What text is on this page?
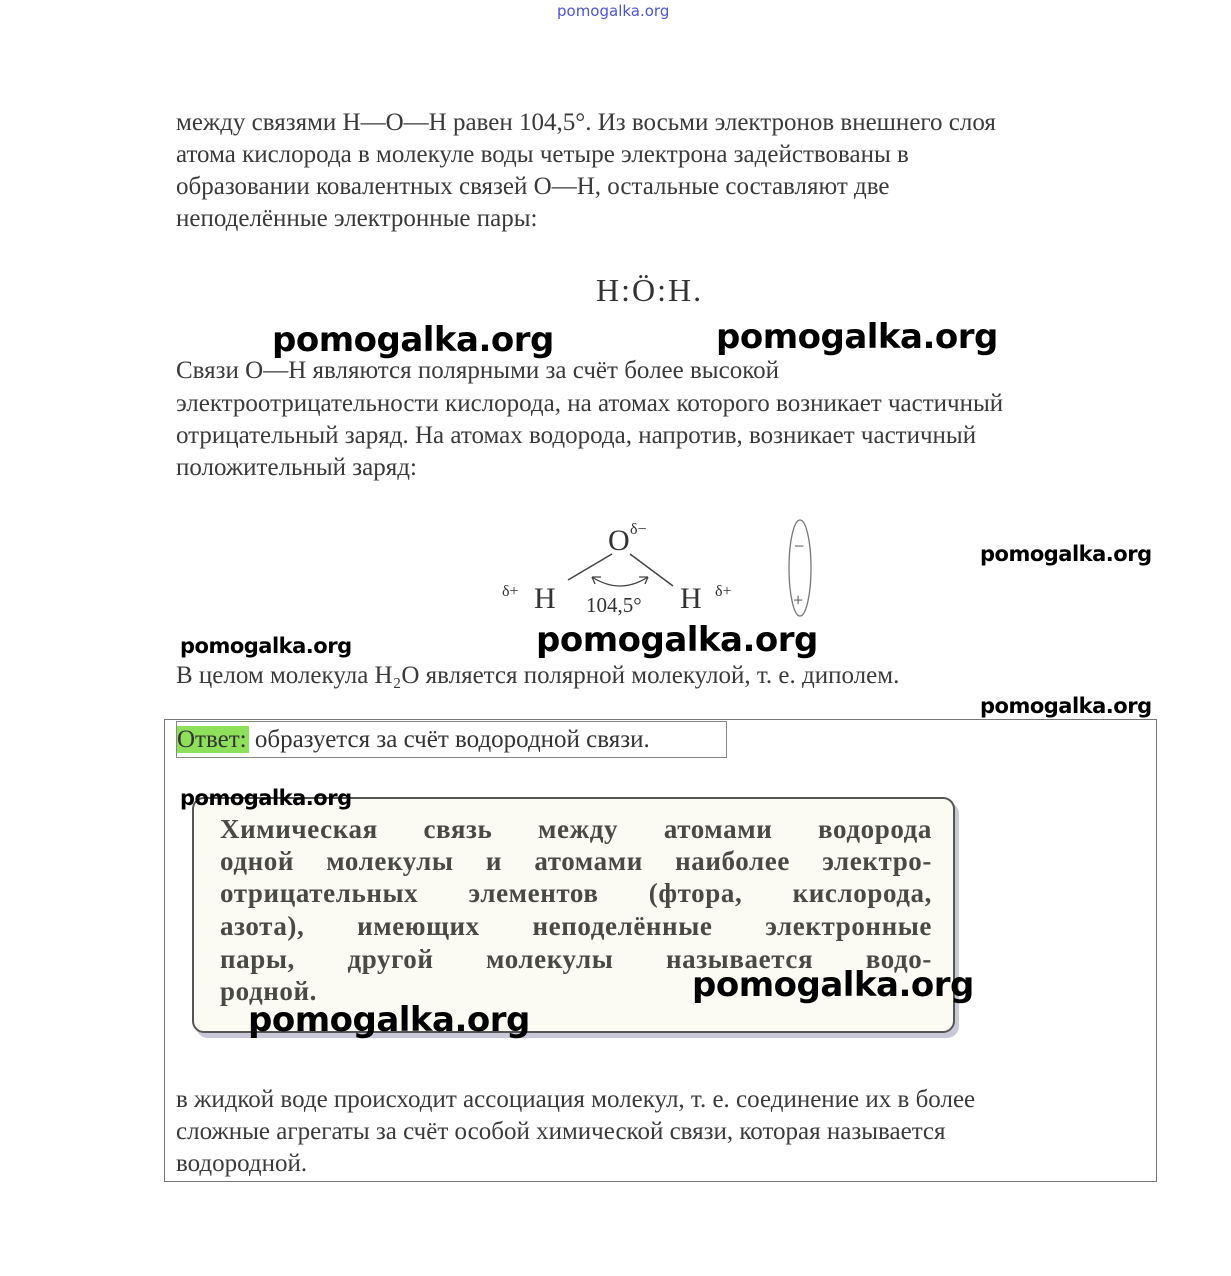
pomogalka.org
между связями Н—О—Н равен 104,5°. Из восьми электронов внешнего слоя
атома кислорода в молекуле воды четыре электрона задействованы в
образовании ковалентных связей О—Н, остальные составляют две
неподелённые электронные пары:
H:Ö:H.
Связи О—Н являются полярными за счёт более высокой
электроотрицательности кислорода, на атомах которого возникает частичный
отрицательный заряд. На атомах водорода, напротив, возникает частичный
положительный заряд:
O δ−
δ+ H 104,5° H δ+
−
+
В целом молекула H₂O является полярной молекулой, т. е. диполем.
Ответ: образуется за счёт водородной связи.
Химическая связь между атомами водорода
одной молекулы и атомами наиболее электро-
отрицательных элементов (фтора, кислорода,
азота), имеющих неподелённые электронные
пары, другой молекулы называется водо-
родной.
в жидкой воде происходит ассоциация молекул, т. е. соединение их в более
сложные агрегаты за счёт особой химической связи, которая называется
водородной.
pomogalka.org	pomogalka.org
pomogalka.org
pomogalka.org	pomogalka.org
pomogalka.org
pomogalka.org
pomogalka.org
pomogalka.org
